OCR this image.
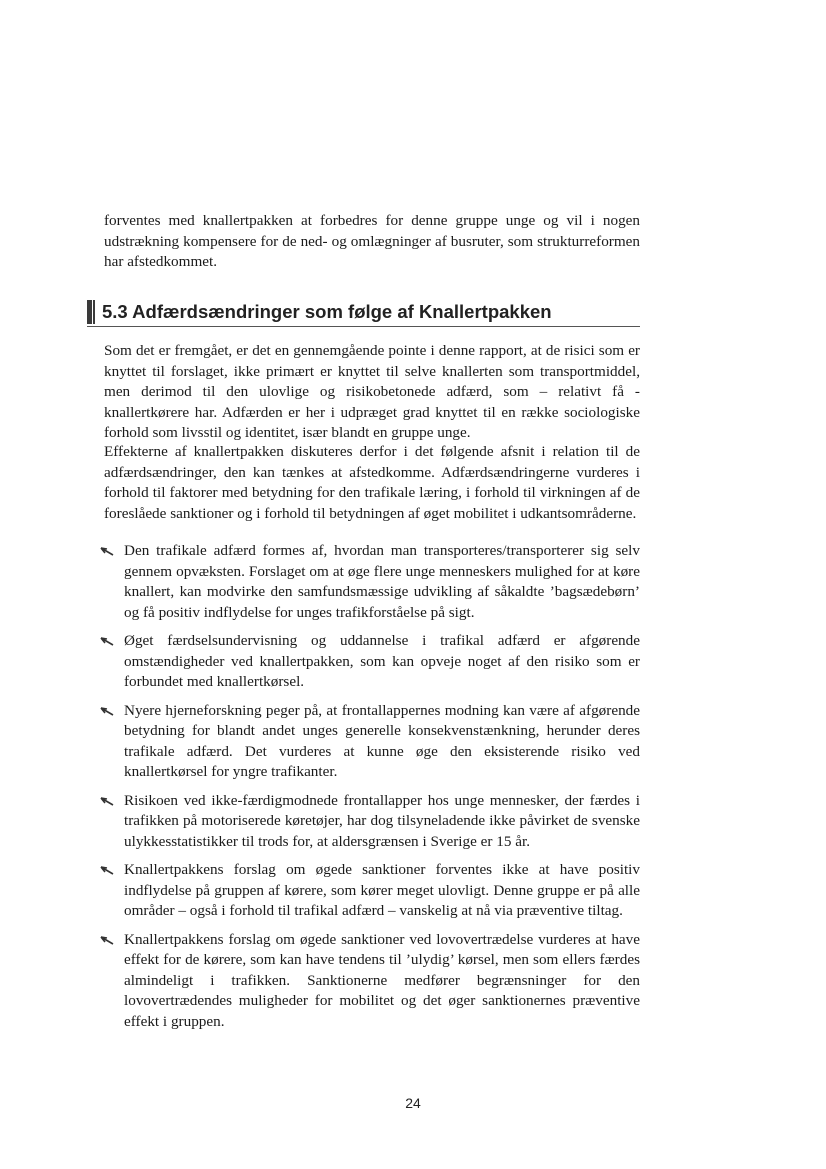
forventes med knallertpakken at forbedres for denne gruppe unge og vil i nogen udstrækning kompensere for de ned- og omlægninger af busruter, som strukturreformen har afstedkommet.

5.3 Adfærdsændringer som følge af Knallertpakken

Som det er fremgået, er det en gennemgående pointe i denne rapport, at de risici som er knyttet til forslaget, ikke primært er knyttet til selve knallerten som transportmiddel, men derimod til den ulovlige og risikobetonede adfærd, som – relativt få - knallertkørere har. Adfærden er her i udpræget grad knyttet til en række sociologiske forhold som livsstil og identitet, især blandt en gruppe unge.

Effekterne af knallertpakken diskuteres derfor i det følgende afsnit i relation til de adfærdsændringer, den kan tænkes at afstedkomme. Adfærdsændringerne vurderes i forhold til faktorer med betydning for den trafikale læring, i forhold til virkningen af de foreslåede sanktioner og i forhold til betydningen af øget mobilitet i udkantsområderne.

Den trafikale adfærd formes af, hvordan man transporteres/transporterer sig selv gennem opvæksten. Forslaget om at øge flere unge menneskers mulighed for at køre knallert, kan modvirke den samfundsmæssige udvikling af såkaldte ’bagsædebørn’ og få positiv indflydelse for unges trafikforståelse på sigt.
Øget færdselsundervisning og uddannelse i trafikal adfærd er afgørende omstændigheder ved knallertpakken, som kan opveje noget af den risiko som er forbundet med knallertkørsel.
Nyere hjerneforskning peger på, at frontallappernes modning kan være af afgørende betydning for blandt andet unges generelle konsekvenstænkning, herunder deres trafikale adfærd. Det vurderes at kunne øge den eksisterende risiko ved knallertkørsel for yngre trafikanter.
Risikoen ved ikke-færdigmodnede frontallapper hos unge mennesker, der færdes i trafikken på motoriserede køretøjer, har dog tilsyneladende ikke påvirket de svenske ulykkesstatistikker til trods for, at aldersgrænsen i Sverige er 15 år.
Knallertpakkens forslag om øgede sanktioner forventes ikke at have positiv indflydelse på gruppen af kørere, som kører meget ulovligt. Denne gruppe er på alle områder – også i forhold til trafikal adfærd – vanskelig at nå via præventive tiltag.
Knallertpakkens forslag om øgede sanktioner ved lovovertrædelse vurderes at have effekt for de kørere, som kan have tendens til ’ulydig’ kørsel, men som ellers færdes almindeligt i trafikken. Sanktionerne medfører begrænsninger for den lovovertrædendes muligheder for mobilitet og det øger sanktionernes præventive effekt i gruppen.
24
